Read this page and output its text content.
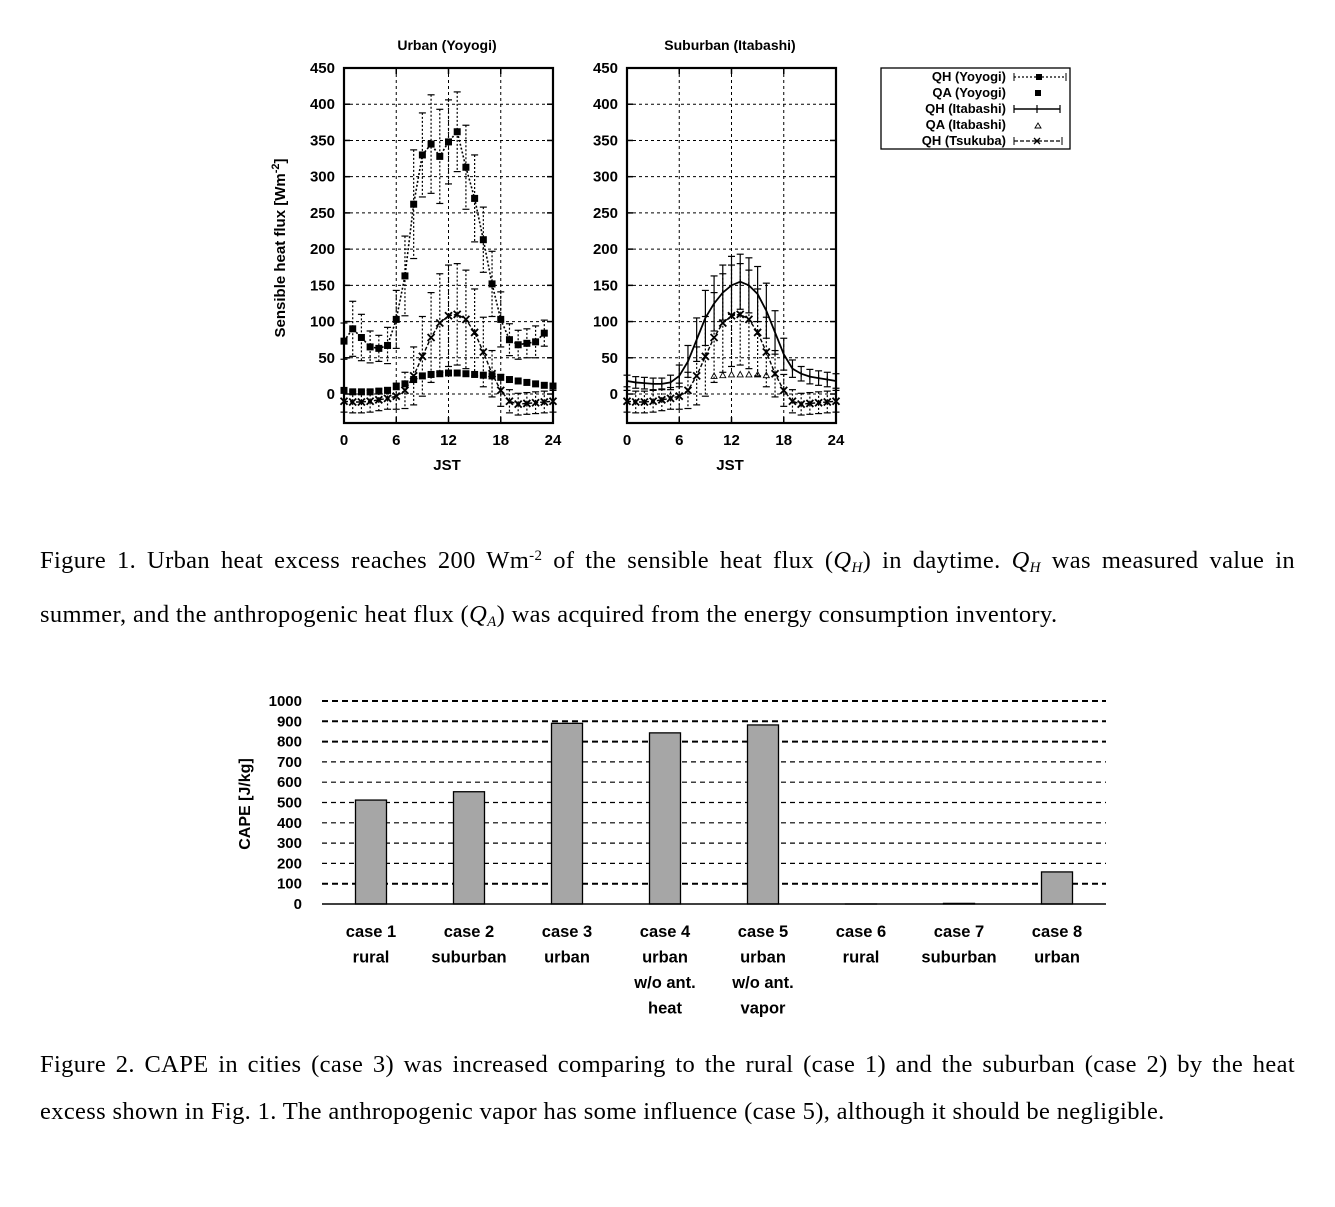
Sensible heat flux $[Wm^{-2}]$
Urban (Yoyogi)	Suburban (Itabashi)
JST	JST
0
50
100
150
200
250
300
350
400
450
0	6	12 18 24
0
50
100
150
200
250
300
350
400
450
0	6	12 18 24
QH (Yoyogi)
QA (Yoyogi)
QH (Itabashi)
QA (Itabashi)
QH (Tsukuba)

Figure 1. Urban heat excess reaches 200 $Wm^{-2}$ of the sensible heat flux $(Q_H)$ in daytime. $Q_H$ was measured value in summer, and the anthropogenic heat flux $(Q_A)$ was acquired from the energy consumption inventory.

CAPE [J/kg]
0
100
200
300
400
500
600
700
800
900
1000
case 1 rural
case 2 suburban
case 3 urban
case 4 urban w/o ant. heat
case 5 urban w/o ant. vapor
case 6 rural
case 7 suburban
case 8 urban

Figure 2. CAPE in cities (case 3) was increased comparing to the rural (case 1) and the suburban (case 2) by the heat excess shown in Fig. 1. The anthropogenic vapor has some influence (case 5), although it should be negligible.
